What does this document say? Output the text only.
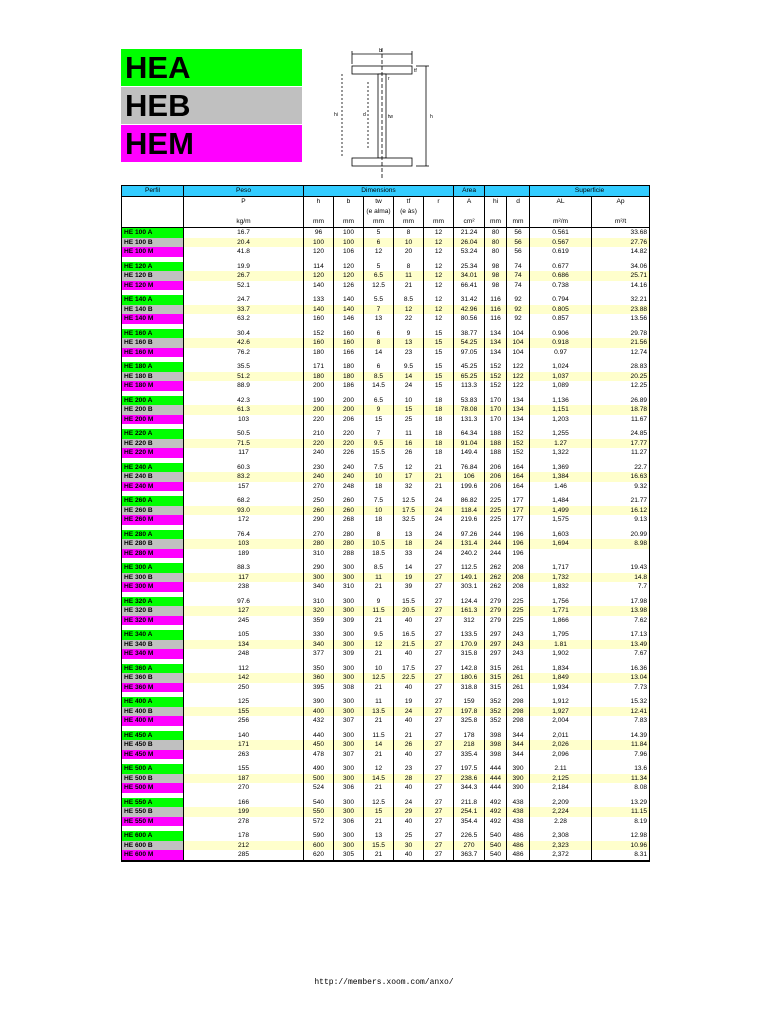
HEA
HEB
HEM
tw
tf
r
d	h
b
hi
Perfil	Peso	Dimensions					Area			Superficie	
	P	h	b	tw	tf	r	A	hi	d	AL	Ap
				(e alma)	(e às)						
	kg/m	mm	mm	mm	mm	mm	cm²	mm	mm	m²/m	m²/t
HE 100 A	16.7	96	100	5	8	12	21.24	80	56	0.561	33.68
HE 100 B	20.4	100	100	6	10	12	26.04	80	56	0.567	27.76
HE 100 M	41.8	120	106	12	20	12	53.24	80	56	0.619	14.82

HE 120 A	19.9	114	120	5	8	12	25.34	98	74	0.677	34.06
HE 120 B	26.7	120	120	6.5	11	12	34.01	98	74	0.686	25.71
HE 120 M	52.1	140	126	12.5	21	12	66.41	98	74	0.738	14.16

HE 140 A	24.7	133	140	5.5	8.5	12	31.42	116	92	0.794	32.21
HE 140 B	33.7	140	140	7	12	12	42.96	116	92	0.805	23.88
HE 140 M	63.2	160	146	13	22	12	80.56	116	92	0.857	13.56

HE 160 A	30.4	152	160	6	9	15	38.77	134	104	0.906	29.78
HE 160 B	42.6	160	160	8	13	15	54.25	134	104	0.918	21.56
HE 160 M	76.2	180	166	14	23	15	97.05	134	104	0.97	12.74

HE 180 A	35.5	171	180	6	9.5	15	45.25	152	122	1,024	28.83
HE 180 B	51.2	180	180	8.5	14	15	65.25	152	122	1,037	20.25
HE 180 M	88.9	200	186	14.5	24	15	113.3	152	122	1,089	12.25

HE 200 A	42.3	190	200	6.5	10	18	53.83	170	134	1,136	26.89
HE 200 B	61.3	200	200	9	15	18	78.08	170	134	1,151	18.78
HE 200 M	103	220	206	15	25	18	131.3	170	134	1,203	11.67

HE 220 A	50.5	210	220	7	11	18	64.34	188	152	1,255	24.85
HE 220 B	71.5	220	220	9.5	16	18	91.04	188	152	1.27	17.77
HE 220 M	117	240	226	15.5	26	18	149.4	188	152	1,322	11.27

HE 240 A	60.3	230	240	7.5	12	21	76.84	206	164	1,369	22.7
HE 240 B	83.2	240	240	10	17	21	106	206	164	1,384	16.63
HE 240 M	157	270	248	18	32	21	199.6	206	164	1.46	9.32

HE 260 A	68.2	250	260	7.5	12.5	24	86.82	225	177	1,484	21.77
HE 260 B	93.0	260	260	10	17.5	24	118.4	225	177	1,499	16.12
HE 260 M	172	290	268	18	32.5	24	219.6	225	177	1,575	9.13

HE 280 A	76.4	270	280	8	13	24	97.26	244	196	1,603	20.99
HE 280 B	103	280	280	10.5	18	24	131.4	244	196	1,694	8.98
HE 280 M	189	310	288	18.5	33	24	240.2	244	196		

HE 300 A	88.3	290	300	8.5	14	27	112.5	262	208	1,717	19.43
HE 300 B	117	300	300	11	19	27	149.1	262	208	1,732	14.8
HE 300 M	238	340	310	21	39	27	303.1	262	208	1,832	7.7

HE 320 A	97.6	310	300	9	15.5	27	124.4	279	225	1,756	17.98
HE 320 B	127	320	300	11.5	20.5	27	161.3	279	225	1,771	13.98
HE 320 M	245	359	309	21	40	27	312	279	225	1,866	7.62

HE 340 A	105	330	300	9.5	16.5	27	133.5	297	243	1,795	17.13
HE 340 B	134	340	300	12	21.5	27	170.9	297	243	1.81	13.49
HE 340 M	248	377	309	21	40	27	315.8	297	243	1,902	7.67

HE 360 A	112	350	300	10	17.5	27	142.8	315	261	1,834	16.36
HE 360 B	142	360	300	12.5	22.5	27	180.6	315	261	1,849	13.04
HE 360 M	250	395	308	21	40	27	318.8	315	261	1,934	7.73

HE 400 A	125	390	300	11	19	27	159	352	298	1,912	15.32
HE 400 B	155	400	300	13.5	24	27	197.8	352	298	1,927	12.41
HE 400 M	256	432	307	21	40	27	325.8	352	298	2,004	7.83

HE 450 A	140	440	300	11.5	21	27	178	398	344	2,011	14.39
HE 450 B	171	450	300	14	26	27	218	398	344	2,026	11.84
HE 450 M	263	478	307	21	40	27	335.4	398	344	2,096	7.96

HE 500 A	155	490	300	12	23	27	197.5	444	390	2.11	13.6
HE 500 B	187	500	300	14.5	28	27	238.6	444	390	2,125	11.34
HE 500 M	270	524	306	21	40	27	344.3	444	390	2,184	8.08

HE 550 A	166	540	300	12.5	24	27	211.8	492	438	2,209	13.29
HE 550 B	199	550	300	15	29	27	254.1	492	438	2,224	11.15
HE 550 M	278	572	306	21	40	27	354.4	492	438	2.28	8.19

HE 600 A	178	590	300	13	25	27	226.5	540	486	2,308	12.98
HE 600 B	212	600	300	15.5	30	27	270	540	486	2,323	10.96
HE 600 M	285	620	305	21	40	27	363.7	540	486	2,372	8.31
http://members.xoom.com/anxo/
